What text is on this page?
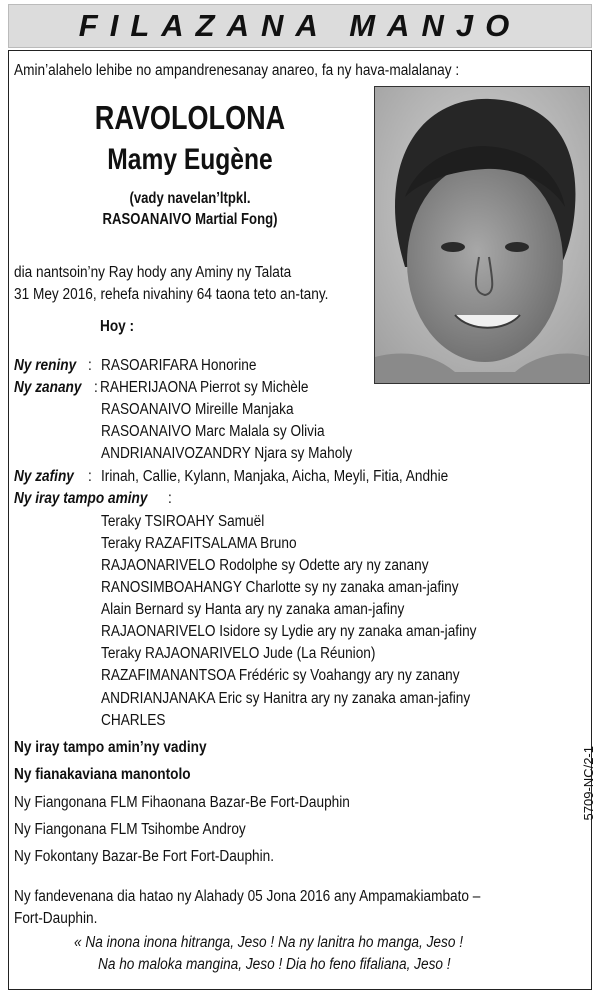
FILAZANA MANJO
Amin’alahelo lehibe no ampandrenesanay anareo, fa ny hava-malalanay :
RAVOLOLONA
Mamy Eugène
(vady navelan’ltpkl.
RASOANAIVO Martial Fong)
dia nantsoin’ny Ray hody any Aminy ny Talata
31 Mey 2016, rehefa nivahiny 64 taona teto an-tany.
Hoy :
Ny reniny : RASOARIFARA Honorine
Ny zanany : RAHERIJAONA Pierrot sy Michèle
RASOANAIVO Mireille Manjaka
RASOANAIVO Marc Malala sy Olivia
ANDRIANAIVOZANDRY Njara sy Maholy
Ny zafiny : Irinah, Callie, Kylann, Manjaka, Aicha, Meyli, Fitia, Andhie
Ny iray tampo aminy :
Teraky TSIROAHY Samuël
Teraky RAZAFITSALAMA Bruno
RAJAONARIVELO Rodolphe sy Odette ary ny zanany
RANOSIMBOAHANGY Charlotte sy ny zanaka aman-jafiny
Alain Bernard sy Hanta ary ny zanaka aman-jafiny
RAJAONARIVELO Isidore sy Lydie ary ny zanaka aman-jafiny
Teraky RAJAONARIVELO Jude (La Réunion)
RAZAFIMANANTSOA Frédéric sy Voahangy ary ny zanany
ANDRIANJANAKA Eric sy Hanitra ary ny zanaka aman-jafiny
CHARLES
Ny iray tampo amin’ny vadiny
Ny fianakaviana manontolo
Ny Fiangonana FLM Fihaonana Bazar-Be Fort-Dauphin
Ny Fiangonana FLM Tsihombe Androy
Ny Fokontany Bazar-Be Fort Fort-Dauphin.
Ny fandevenana dia hatao ny Alahady 05 Jona 2016 any Ampamakiambato –
Fort-Dauphin.
« Na inona inona hitranga, Jeso ! Na ny lanitra ho manga, Jeso !
Na ho maloka mangina, Jeso ! Dia ho feno fifaliana, Jeso !
5709-NC/2-1
